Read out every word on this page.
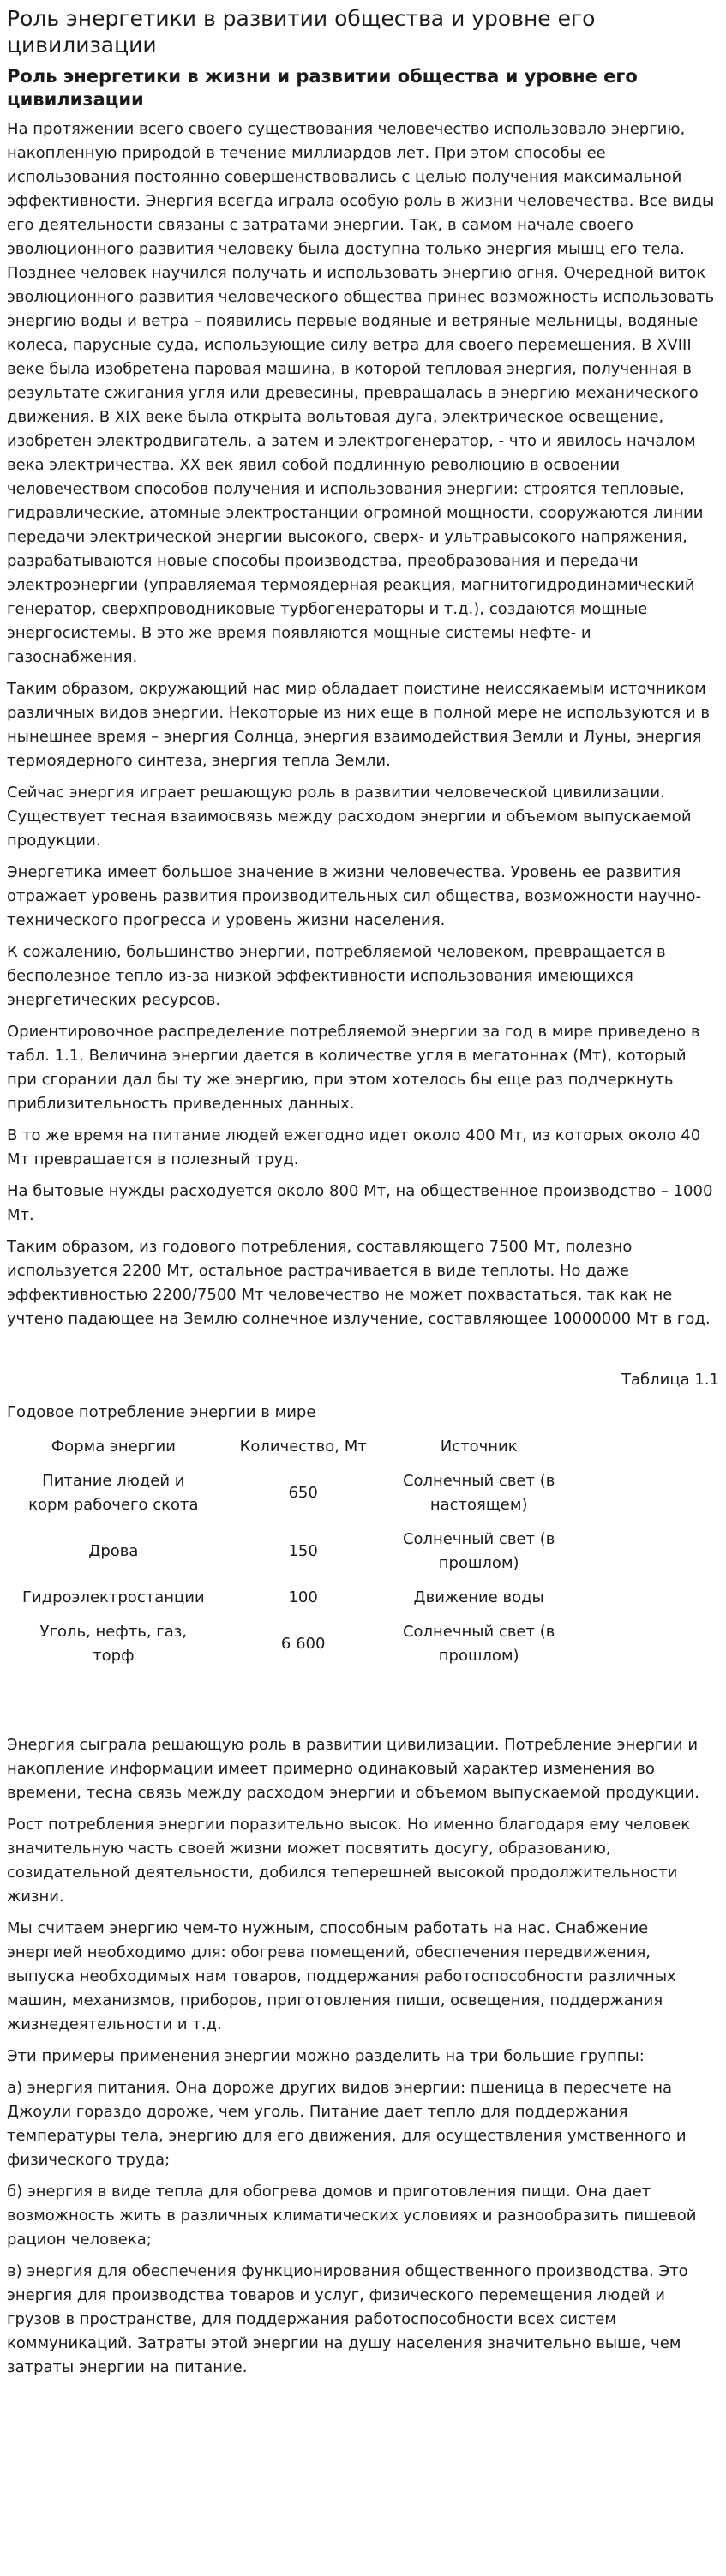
Роль энергетики в развитии общества и уровне его цивилизации
Роль энергетики в жизни и развитии общества и уровне его цивилизации

На протяжении всего своего существования человечество использовало энергию, накопленную природой в течение миллиардов лет. При этом способы ее использования постоянно совершенствовались с целью получения максимальной эффективности. Энергия всегда играла особую роль в жизни человечества. Все виды его деятельности связаны с затратами энергии. Так, в самом начале своего эволюционного развития человеку была доступна только энергия мышц его тела. Позднее человек научился получать и использовать энергию огня. Очередной виток эволюционного развития человеческого общества принес возможность использовать энергию воды и ветра – появились первые водяные и ветряные мельницы, водяные колеса, парусные суда, использующие силу ветра для своего перемещения. В XVIII веке была изобретена паровая машина, в которой тепловая энергия, полученная в результате сжигания угля или древесины, превращалась в энергию механического движения. В XIX веке была открыта вольтовая дуга, электрическое освещение, изобретен электродвигатель, а затем и электрогенератор, - что и явилось началом века электричества. XX век явил собой подлинную революцию в освоении человечеством способов получения и использования энергии: строятся тепловые, гидравлические, атомные электростанции огромной мощности, сооружаются линии передачи электрической энергии высокого, сверх- и ультравысокого напряжения, разрабатываются новые способы производства, преобразования и передачи электроэнергии (управляемая термоядерная реакция, магнитогидродинамический генератор, сверхпроводниковые турбогенераторы и т.д.), создаются мощные энергосистемы. В это же время появляются мощные системы нефте- и газоснабжения.

Таким образом, окружающий нас мир обладает поистине неиссякаемым источником различных видов энергии. Некоторые из них еще в полной мере не используются и в нынешнее время – энергия Солнца, энергия взаимодействия Земли и Луны, энергия термоядерного синтеза, энергия тепла Земли.

Сейчас энергия играет решающую роль в развитии человеческой цивилизации. Существует тесная взаимосвязь между расходом энергии и объемом выпускаемой продукции.

Энергетика имеет большое значение в жизни человечества. Уровень ее развития отражает уровень развития производительных сил общества, возможности научно-технического прогресса и уровень жизни населения.

К сожалению, большинство энергии, потребляемой человеком, превращается в бесполезное тепло из-за низкой эффективности использования имеющихся энергетических ресурсов.

Ориентировочное распределение потребляемой энергии за год в мире приведено в табл. 1.1. Величина энергии дается в количестве угля в мегатоннах (Мт), который при сгорании дал бы ту же энергию, при этом хотелось бы еще раз подчеркнуть приблизительность приведенных данных.

В то же время на питание людей ежегодно идет около 400 Мт, из которых около 40 Мт превращается в полезный труд.

На бытовые нужды расходуется около 800 Мт, на общественное производство – 1000 Мт.

Таким образом, из годового потребления, составляющего 7500 Мт, полезно используется 2200 Мт, остальное растрачивается в виде теплоты. Но даже эффективностью 2200/7500 Мт человечество не может похвастаться, так как не учтено падающее на Землю солнечное излучение, составляющее 10000000 Мт в год.

Таблица 1.1
Годовое потребление энергии в мире
Форма энергии	Количество, Мт	Источник
Питание людей и корм рабочего скота	650	Солнечный свет (в настоящем)
Дрова	150	Солнечный свет (в прошлом)
Гидроэлектростанции	100	Движение воды
Уголь, нефть, газ, торф	6 600	Солнечный свет (в прошлом)

Энергия сыграла решающую роль в развитии цивилизации. Потребление энергии и накопление информации имеет примерно одинаковый характер изменения во времени, тесна связь между расходом энергии и объемом выпускаемой продукции.

Рост потребления энергии поразительно высок. Но именно благодаря ему человек значительную часть своей жизни может посвятить досугу, образованию, созидательной деятельности, добился теперешней высокой продолжительности жизни.

Мы считаем энергию чем-то нужным, способным работать на нас. Снабжение энергией необходимо для: обогрева помещений, обеспечения передвижения, выпуска необходимых нам товаров, поддержания работоспособности различных машин, механизмов, приборов, приготовления пищи, освещения, поддержания жизнедеятельности и т.д.

Эти примеры применения энергии можно разделить на три большие группы:

а) энергия питания. Она дороже других видов энергии: пшеница в пересчете на Джоули гораздо дороже, чем уголь. Питание дает тепло для поддержания температуры тела, энергию для его движения, для осуществления умственного и физического труда;

б) энергия в виде тепла для обогрева домов и приготовления пищи. Она дает возможность жить в различных климатических условиях и разнообразить пищевой рацион человека;

в) энергия для обеспечения функционирования общественного производства. Это энергия для производства товаров и услуг, физического перемещения людей и грузов в пространстве, для поддержания работоспособности всех систем коммуникаций. Затраты этой энергии на душу населения значительно выше, чем затраты энергии на питание.
